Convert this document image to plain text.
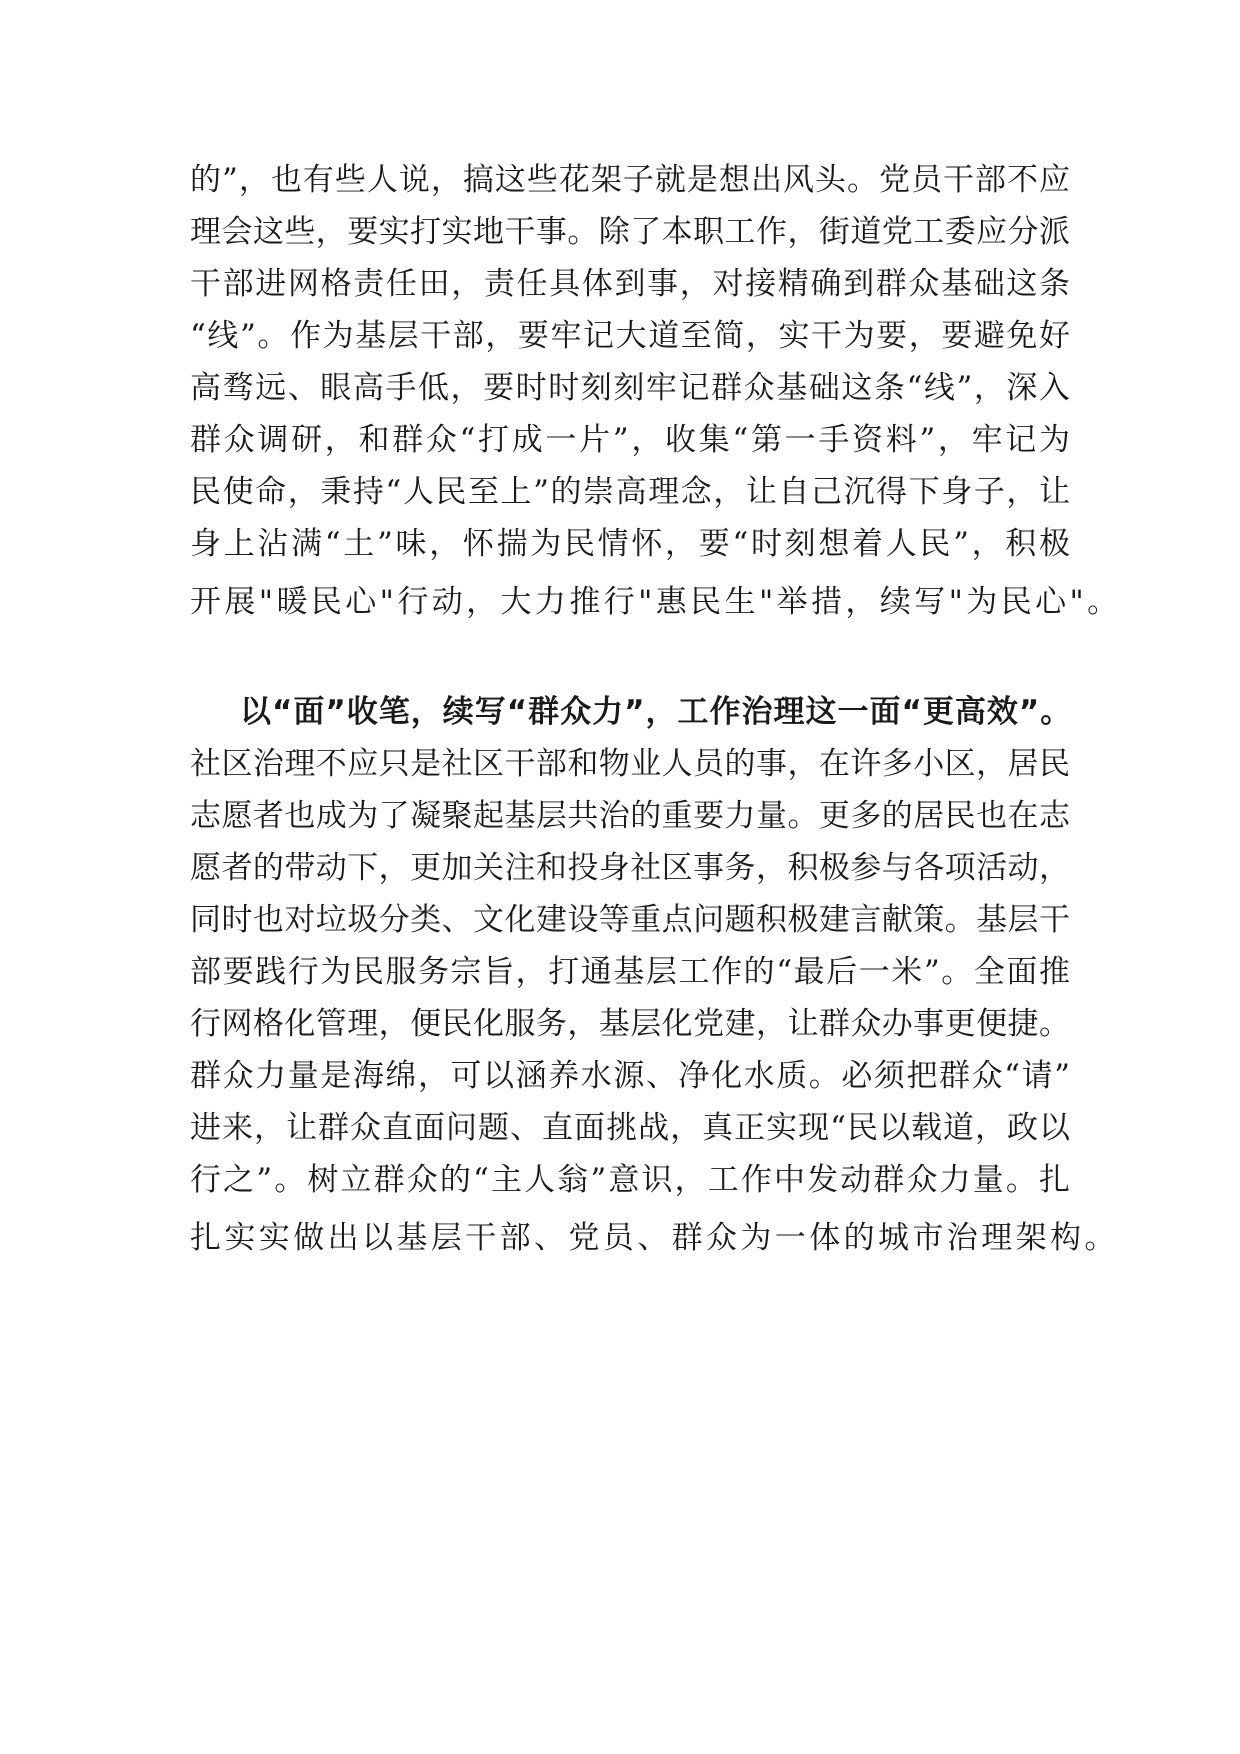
的”，也有些人说，搞这些花架子就是想出风头。党员干部不应
理会这些，要实打实地干事。除了本职工作，街道党工委应分派
干部进网格责任田，责任具体到事，对接精确到群众基础这条
“线”。作为基层干部，要牢记大道至简，实干为要，要避免好
高骛远、眼高手低，要时时刻刻牢记群众基础这条“线”，深入
群众调研，和群众“打成一片”，收集“第一手资料”，牢记为
民使命，秉持“人民至上”的崇高理念，让自己沉得下身子，让
身上沾满“土”味，怀揣为民情怀，要“时刻想着人民”，积极
开展"暖民心"行动，大力推行"惠民生"举措，续写"为民心"。
以“面”收笔，续写“群众力”，工作治理这一面“更高效”。
社区治理不应只是社区干部和物业人员的事，在许多小区，居民
志愿者也成为了凝聚起基层共治的重要力量。更多的居民也在志
愿者的带动下，更加关注和投身社区事务，积极参与各项活动，
同时也对垃圾分类、文化建设等重点问题积极建言献策。基层干
部要践行为民服务宗旨，打通基层工作的“最后一米”。全面推
行网格化管理，便民化服务，基层化党建，让群众办事更便捷。
群众力量是海绵，可以涵养水源、净化水质。必须把群众“请”
进来，让群众直面问题、直面挑战，真正实现“民以载道，政以
行之”。树立群众的“主人翁”意识，工作中发动群众力量。扎
扎实实做出以基层干部、党员、群众为一体的城市治理架构。
